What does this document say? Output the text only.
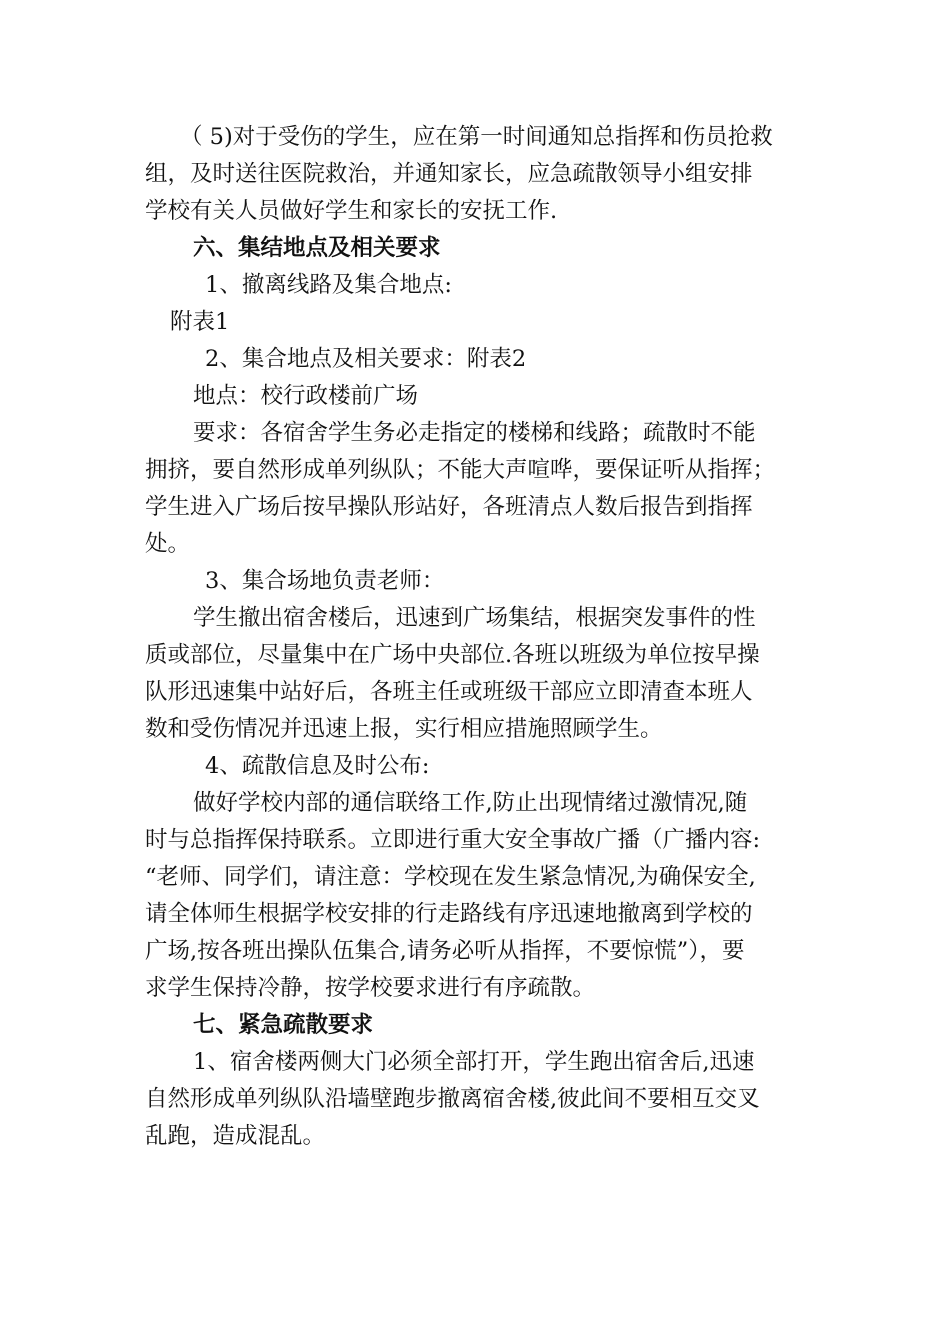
（ 5)对于受伤的学生，应在第一时间通知总指挥和伤员抢救
组，及时送往医院救治，并通知家长，应急疏散领导小组安排
学校有关人员做好学生和家长的安抚工作.
六、集结地点及相关要求
1、撤离线路及集合地点:
附表1
2、集合地点及相关要求：附表2
地点：校行政楼前广场
要求：各宿舍学生务必走指定的楼梯和线路；疏散时不能
拥挤，要自然形成单列纵队；不能大声喧哗，要保证听从指挥；
学生进入广场后按早操队形站好，各班清点人数后报告到指挥
处。
3、集合场地负责老师：
学生撤出宿舍楼后，迅速到广场集结，根据突发事件的性
质或部位，尽量集中在广场中央部位.各班以班级为单位按早操
队形迅速集中站好后，各班主任或班级干部应立即清查本班人
数和受伤情况并迅速上报，实行相应措施照顾学生。
4、疏散信息及时公布:
做好学校内部的通信联络工作,防止出现情绪过激情况,随
时与总指挥保持联系。立即进行重大安全事故广播（广播内容:
“老师、同学们，请注意：学校现在发生紧急情况,为确保安全,
请全体师生根据学校安排的行走路线有序迅速地撤离到学校的
广场,按各班出操队伍集合,请务必听从指挥，不要惊慌”），要
求学生保持冷静，按学校要求进行有序疏散。
七、紧急疏散要求
1、宿舍楼两侧大门必须全部打开，学生跑出宿舍后,迅速
自然形成单列纵队沿墙壁跑步撤离宿舍楼,彼此间不要相互交叉
乱跑，造成混乱。
